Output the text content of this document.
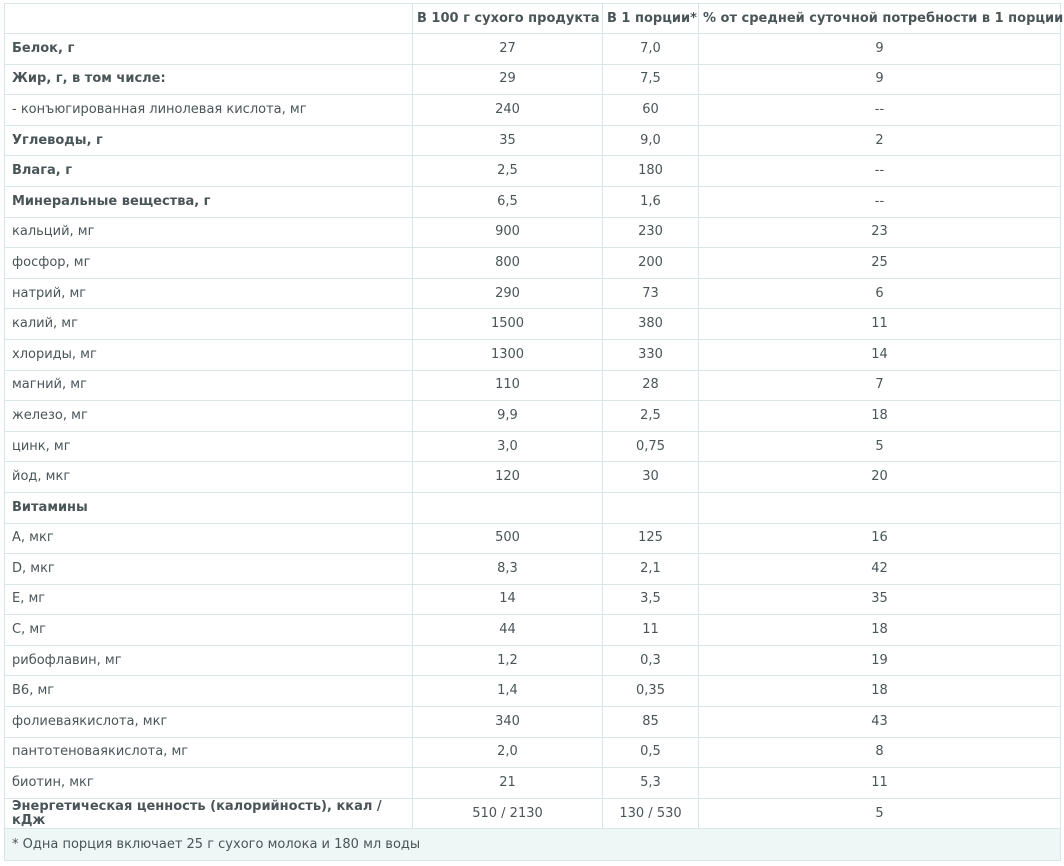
	В 100 г сухого продукта	В 1 порции*	% от средней суточной потребности в 1 порции
Белок, г	27	7,0	9
Жир, г, в том числе:	29	7,5	9
- конъюгированная линолевая кислота, мг	240	60	--
Углеводы, г	35	9,0	2
Влага, г	2,5	180	--
Минеральные вещества, г	6,5	1,6	--
кальций, мг	900	230	23
фосфор, мг	800	200	25
натрий, мг	290	73	6
калий, мг	1500	380	11
хлориды, мг	1300	330	14
магний, мг	110	28	7
железо, мг	9,9	2,5	18
цинк, мг	3,0	0,75	5
йод, мкг	120	30	20
Витамины			
A, мкг	500	125	16
D, мкг	8,3	2,1	42
E, мг	14	3,5	35
C, мг	44	11	18
рибофлавин, мг	1,2	0,3	19
B6, мг	1,4	0,35	18
фолиеваякислота, мкг	340	85	43
пантотеноваякислота, мг	2,0	0,5	8
биотин, мкг	21	5,3	11
Энергетическая ценность (калорийность), ккал /кДж	510 / 2130	130 / 530	5
* Одна порция включает 25 г сухого молока и 180 мл воды			
